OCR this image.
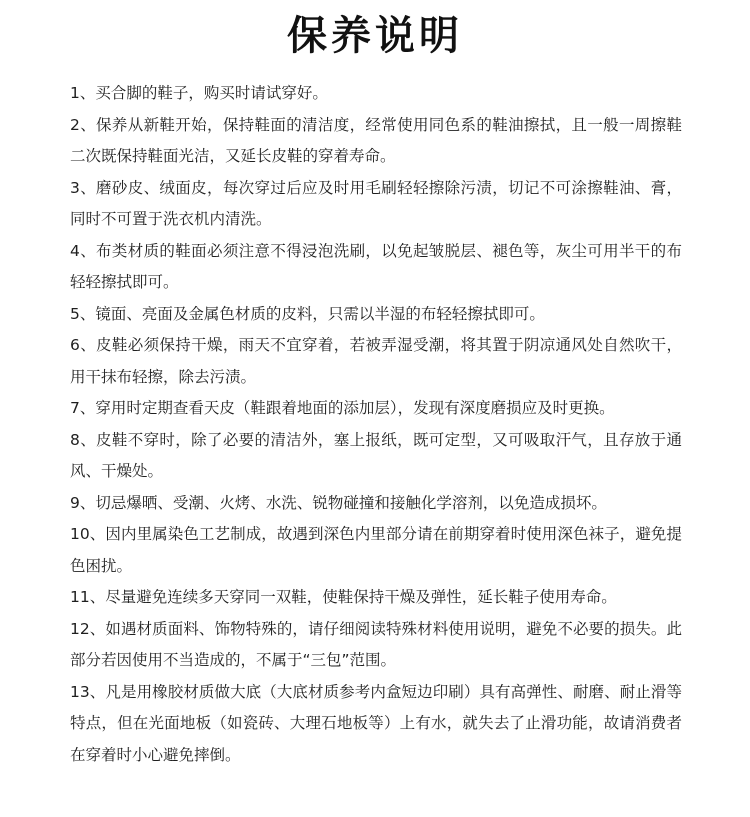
保养说明

1、买合脚的鞋子，购买时请试穿好。

2、保养从新鞋开始，保持鞋面的清洁度，经常使用同色系的鞋油擦拭，且一般一周擦鞋二次既保持鞋面光洁，又延长皮鞋的穿着寿命。

3、磨砂皮、绒面皮，每次穿过后应及时用毛刷轻轻擦除污渍，切记不可涂擦鞋油、膏，同时不可置于洗衣机内清洗。

4、布类材质的鞋面必须注意不得浸泡洗刷，以免起皱脱层、褪色等，灰尘可用半干的布轻轻擦拭即可。

5、镜面、亮面及金属色材质的皮料，只需以半湿的布轻轻擦拭即可。

6、皮鞋必须保持干燥，雨天不宜穿着，若被弄湿受潮，将其置于阴凉通风处自然吹干，用干抹布轻擦，除去污渍。

7、穿用时定期查看天皮（鞋跟着地面的添加层），发现有深度磨损应及时更换。

8、皮鞋不穿时，除了必要的清洁外，塞上报纸，既可定型，又可吸取汗气，且存放于通风、干燥处。

9、切忌爆晒、受潮、火烤、水洗、锐物碰撞和接触化学溶剂，以免造成损坏。

10、因内里属染色工艺制成，故遇到深色内里部分请在前期穿着时使用深色袜子，避免提色困扰。

11、尽量避免连续多天穿同一双鞋，使鞋保持干燥及弹性，延长鞋子使用寿命。

12、如遇材质面料、饰物特殊的，请仔细阅读特殊材料使用说明，避免不必要的损失。此部分若因使用不当造成的，不属于“三包”范围。

13、凡是用橡胶材质做大底（大底材质参考内盒短边印刷）具有高弹性、耐磨、耐止滑等特点，但在光面地板（如瓷砖、大理石地板等）上有水，就失去了止滑功能，故请消费者在穿着时小心避免摔倒。
